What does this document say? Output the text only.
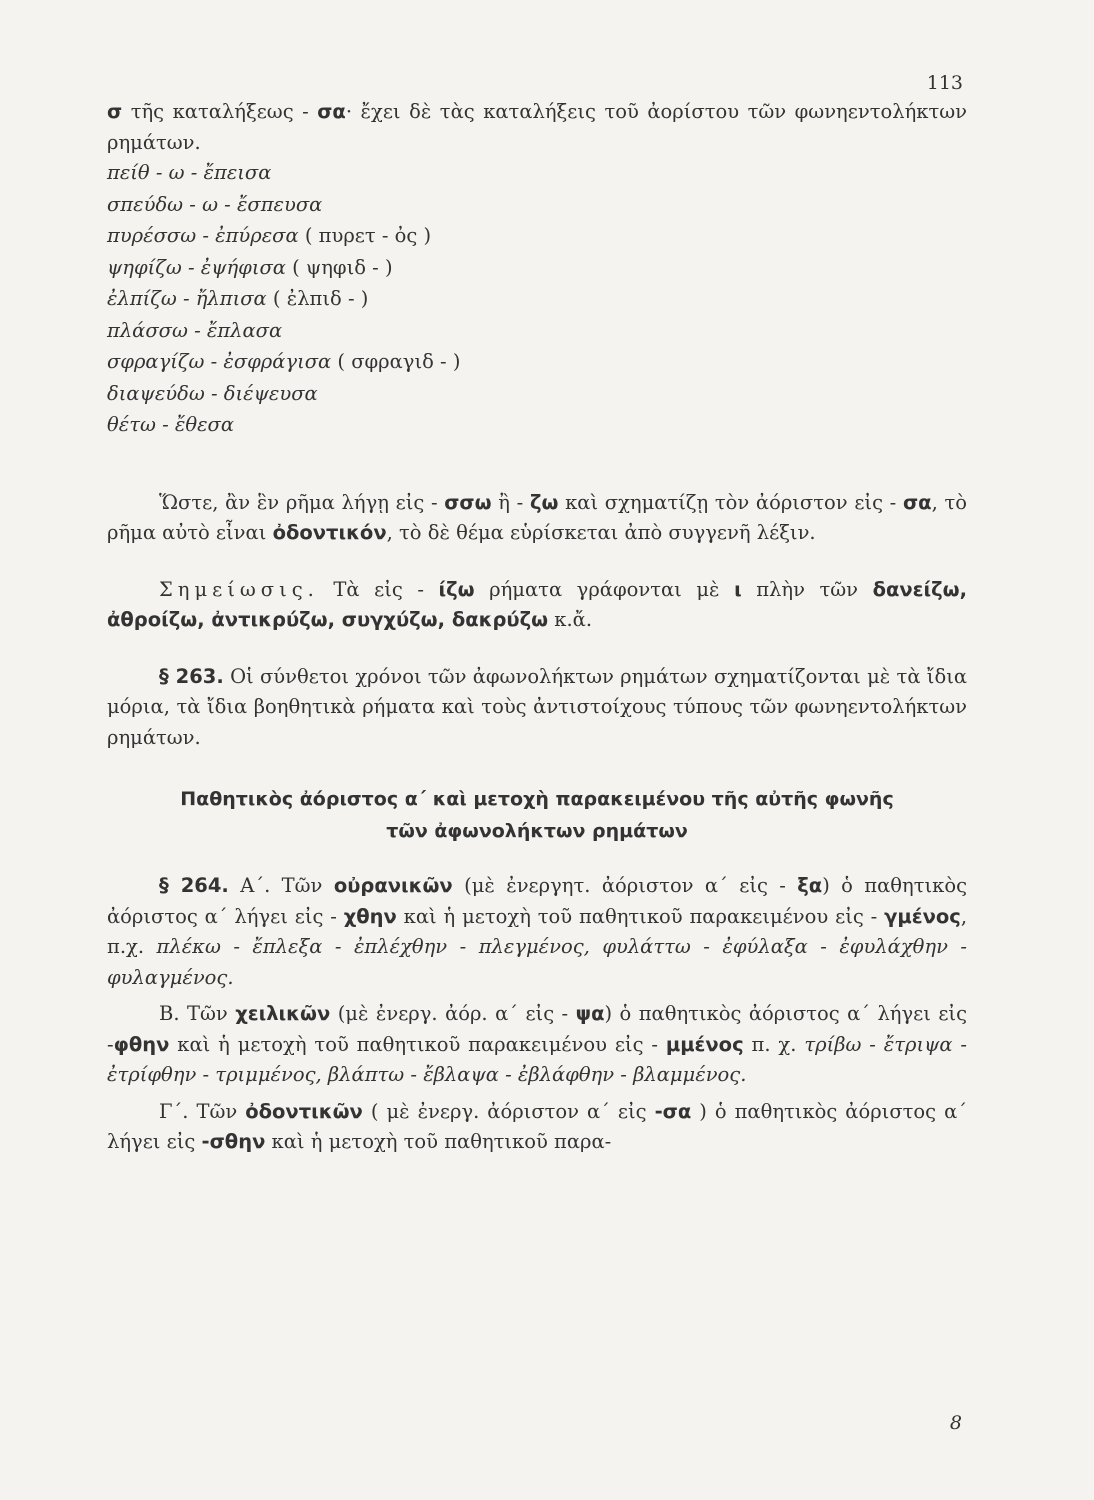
113

σ τῆς καταλήξεως - σα· ἔχει δὲ τὰς καταλήξεις τοῦ ἀορίστου τῶν φωνηεντολήκτων ρημάτων.

πείθ - ω - ἔπεισα
σπεύδω - ω - ἔσπευσα
πυρέσσω - ἐπύρεσα ( πυρετ - ὀς )
ψηφίζω - ἐψήφισα ( ψηφιδ - )
ἐλπίζω - ἤλπισα ( ἐλπιδ - )
πλάσσω - ἔπλασα
σφραγίζω - ἐσφράγισα ( σφραγιδ - )
διαψεύδω - διέψευσα
θέτω - ἔθεσα

Ὥστε, ἂν ἓν ρῆμα λήγῃ εἰς - σσω ἢ - ζω καὶ σχηματίζῃ τὸν ἀόριστον εἰς - σα, τὸ ρῆμα αὐτὸ εἶναι ὀδοντικόν, τὸ δὲ θέμα εὑρίσκεται ἀπὸ συγγενῆ λέξιν.

Σημείωσις. Τὰ εἰς - ίζω ρήματα γράφονται μὲ ι πλὴν τῶν δανείζω, ἀθροίζω, ἀντικρύζω, συγχύζω, δακρύζω κ.ἄ.

§ 263. Οἱ σύνθετοι χρόνοι τῶν ἀφωνολήκτων ρημάτων σχηματίζονται μὲ τὰ ἴδια μόρια, τὰ ἴδια βοηθητικὰ ρήματα καὶ τοὺς ἀντιστοίχους τύπους τῶν φωνηεντολήκτων ρημάτων.

Παθητικὸς ἀόριστος α΄ καὶ μετοχὴ παρακειμένου τῆς αὐτῆς φωνῆς
τῶν ἀφωνολήκτων ρημάτων

§ 264. Α΄. Τῶν οὐρανικῶν (μὲ ἐνεργητ. ἀόριστον α΄ εἰς - ξα) ὁ παθητικὸς ἀόριστος α΄ λήγει εἰς - χθην καὶ ἡ μετοχὴ τοῦ παθητικοῦ παρακειμένου εἰς - γμένος, π.χ. πλέκω - ἔπλεξα - ἐπλέχθην - πλεγμένος, φυλάττω - ἐφύλαξα - ἐφυλάχθην - φυλαγμένος.

Β. Τῶν χειλικῶν (μὲ ἐνεργ. ἀόρ. α΄ εἰς - ψα) ὁ παθητικὸς ἀόριστος α΄ λήγει εἰς -φθην καὶ ἡ μετοχὴ τοῦ παθητικοῦ παρακειμένου εἰς - μμένος π. χ. τρίβω - ἔτριψα - ἐτρίφθην - τριμμένος, βλάπτω - ἔβλαψα - ἐβλάφθην - βλαμμένος.

Γ΄. Τῶν ὀδοντικῶν ( μὲ ἐνεργ. ἀόριστον α΄ εἰς -σα ) ὁ παθητικὸς ἀόριστος α΄ λήγει εἰς -σθην καὶ ἡ μετοχὴ τοῦ παθητικοῦ παρα-

8
